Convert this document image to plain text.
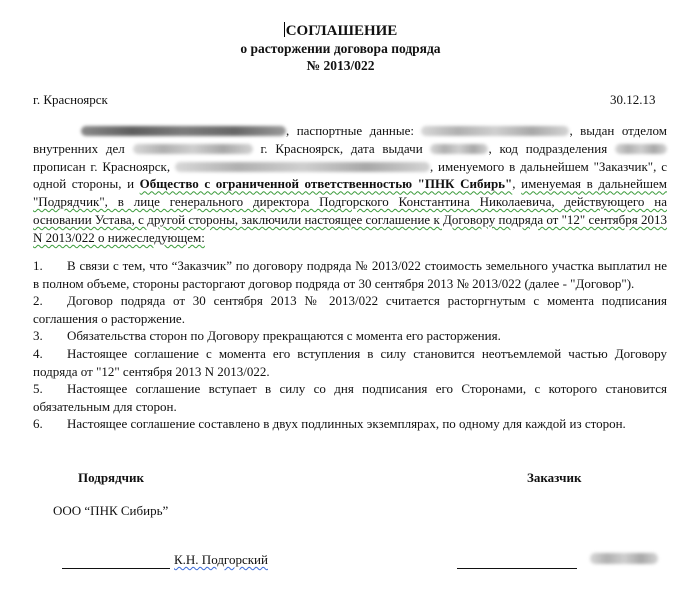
СОГЛАШЕНИЕ
о расторжении договора подряда
№ 2013/022
г. Красноярск	30.12.13
, паспортные данные:	, выдан отделом внутренних дел	г. Красноярск, дата выдачи	, код подразделения  прописан г. Красноярск,	, именуемого в дальнейшем "Заказчик", с одной стороны, и Общество с ограниченной ответственностью "ПНК Сибирь", именуемая в дальнейшем "Подрядчик", в лице генерального директора Подгорского Константина Николаевича, действующего на основании Устава, с другой стороны, заключили настоящее соглашение к Договору подряда от "12" сентября 2013 N 2013/022 о нижеследующем:

1. В связи с тем, что “Заказчик” по договору подряда № 2013/022 стоимость земельного участка выплатил не в полном объеме, стороны расторгают договор подряда от 30 сентября 2013 № 2013/022 (далее - "Договор").

2. Договор подряда от 30 сентября 2013 № 2013/022 считается расторгнутым с момента подписания соглашения о расторжение.

3. Обязательства сторон по Договору прекращаются с момента его расторжения.

4. Настоящее соглашение с момента его вступления в силу становится неотъемлемой частью Договору подряда от "12" сентября 2013 N 2013/022.

5. Настоящее соглашение вступает в силу со дня подписания его Сторонами, с которого становится обязательным для сторон.

6. Настоящее соглашение составлено в двух подлинных экземплярах, по одному для каждой из сторон.

Подрядчик	Заказчик
ООО “ПНК Сибирь”
К.Н. Подгорский
